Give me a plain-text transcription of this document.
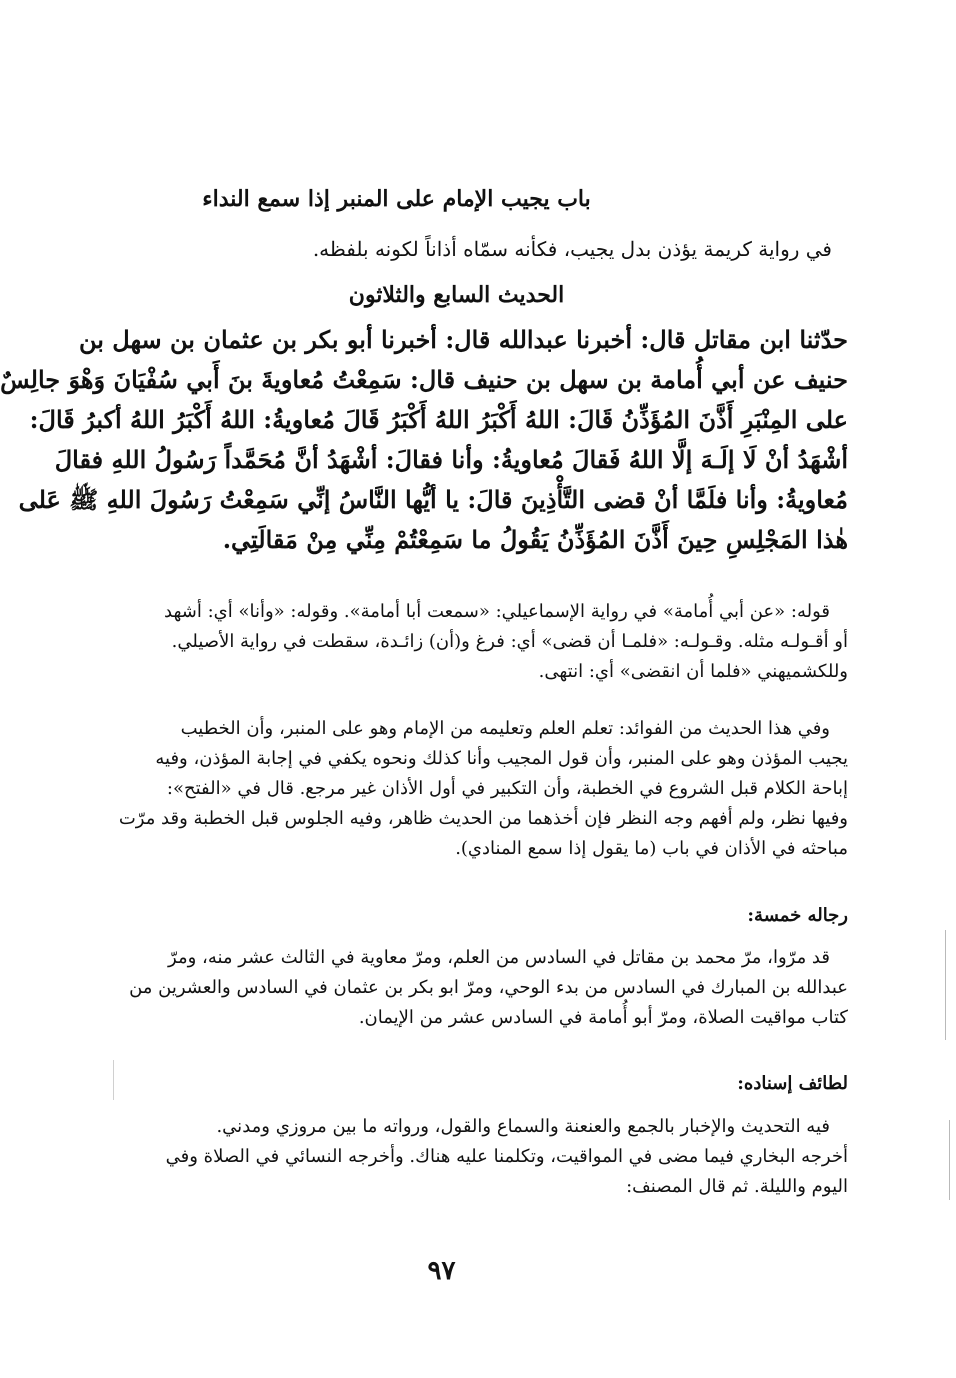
باب يجيب الإمام على المنبر إذا سمع النداء
في رواية كريمة يؤذن بدل يجيب، فكأنه سمّاه أذاناً لكونه بلفظه.
الحديث السابع والثلاثون
حدّثنا ابن مقاتل قال: أخبرنا عبدالله قال: أخبرنا أبو بكر بن عثمان بن سهل بن
حنيف عن أبي أُمامة بن سهل بن حنيف قال: سَمِعْتُ مُعاويةَ بنَ أَبي سُفْيَانَ وَهْوَ جالِسٌ
على المِنْبَرِ أَذَّنَ المُؤَذِّنُ قَالَ: اللهُ أَكْبَرُ اللهُ أَكْبَرُ قَالَ مُعاويةُ: اللهُ أَكْبَرُ اللهُ أكبرُ قَالَ:
أشْهَدُ أنْ لَا إلَـهَ إلَّا اللهُ فَقالَ مُعاويةُ: وأنا فقالَ: أشْهَدُ أنَّ مُحَمَّداً رَسُولُ اللهِ فقالَ
مُعاويةُ: وأنا فلَمَّا أنْ قضى التَّأْذِينَ قالَ: يا أيُّها النَّاسُ إنِّي سَمِعْتُ رَسُولَ اللهِ ﷺ عَلى
هٰذا المَجْلِسِ حِينَ أَذَّنَ المُؤَذِّنُ يَقُولُ ما سَمِعْتُمْ مِنِّي مِنْ مَقالَتِي.
قوله: «عن أبي أُمامة» في رواية الإسماعيلي: «سمعت أبا أمامة». وقوله: «وأنا» أي: أشهد
أو أقـولـه مثله. وقـولـه: «فلمـا أن قضى» أي: فرغ و(أن) زائـدة، سقطت في رواية الأصيلي.
وللكشميهني «فلما أن انقضى» أي: انتهى.
وفي هذا الحديث من الفوائد: تعلم العلم وتعليمه من الإمام وهو على المنبر، وأن الخطيب
يجيب المؤذن وهو على المنبر، وأن قول المجيب وأنا كذلك ونحوه يكفي في إجابة المؤذن، وفيه
إباحة الكلام قبل الشروع في الخطبة، وأن التكبير في أول الأذان غير مرجع. قال في «الفتح»:
وفيها نظر، ولم أفهم وجه النظر فإن أخذهما من الحديث ظاهر، وفيه الجلوس قبل الخطبة وقد مرّت
مباحثه في الأذان في باب (ما يقول إذا سمع المنادي).
رجاله خمسة:
قد مرّوا، مرّ محمد بن مقاتل في السادس من العلم، ومرّ معاوية في الثالث عشر منه، ومرّ
عبدالله بن المبارك في السادس من بدء الوحي، ومرّ ابو بكر بن عثمان في السادس والعشرين من
كتاب مواقيت الصلاة، ومرّ أبو أُمامة في السادس عشر من الإيمان.
لطائف إسناده:
فيه التحديث والإخبار بالجمع والعنعنة والسماع والقول، ورواته ما بين مروزي ومدني.
أخرجه البخاري فيما مضى في المواقيت، وتكلمنا عليه هناك. وأخرجه النسائي في الصلاة وفي
اليوم والليلة. ثم قال المصنف:
٩٧
